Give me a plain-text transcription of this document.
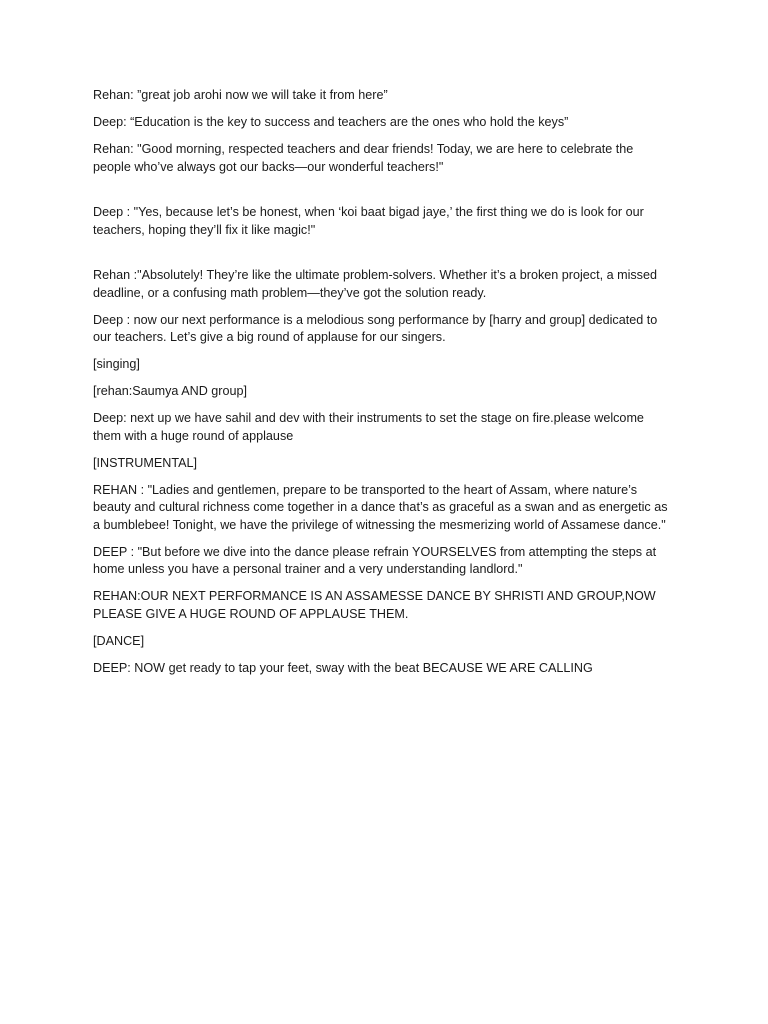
Rehan: ”great job arohi now we will take it from here”

Deep: “Education is the key to success and teachers are the ones who hold the keys”

Rehan: "Good morning, respected teachers and dear friends! Today, we are here to celebrate the people who’ve always got our backs—our wonderful teachers!"

Deep : "Yes, because let’s be honest, when ‘koi baat bigad jaye,’ the first thing we do is look for our teachers, hoping they’ll fix it like magic!"

Rehan :"Absolutely! They’re like the ultimate problem-solvers. Whether it’s a broken project, a missed deadline, or a confusing math problem—they’ve got the solution ready.

Deep : now our next performance is a melodious song performance by [harry and group] dedicated to our teachers. Let’s give a big round of applause for our singers.

[singing]

[rehan:Saumya AND group]

Deep: next up we have sahil and dev with their instruments to set the stage on fire.please welcome them with a huge round of applause

[INSTRUMENTAL]

REHAN : "Ladies and gentlemen, prepare to be transported to the heart of Assam, where nature’s beauty and cultural richness come together in a dance that’s as graceful as a swan and as energetic as a bumblebee! Tonight, we have the privilege of witnessing the mesmerizing world of Assamese dance."

DEEP : "But before we dive into the dance please refrain YOURSELVES from attempting the steps at home unless you have a personal trainer and a very understanding landlord."

REHAN:OUR NEXT PERFORMANCE IS AN ASSAMESSE DANCE BY SHRISTI AND GROUP,NOW PLEASE GIVE A HUGE ROUND OF APPLAUSE THEM.

[DANCE]

DEEP: NOW get ready to tap your feet, sway with the beat BECAUSE WE ARE CALLING
